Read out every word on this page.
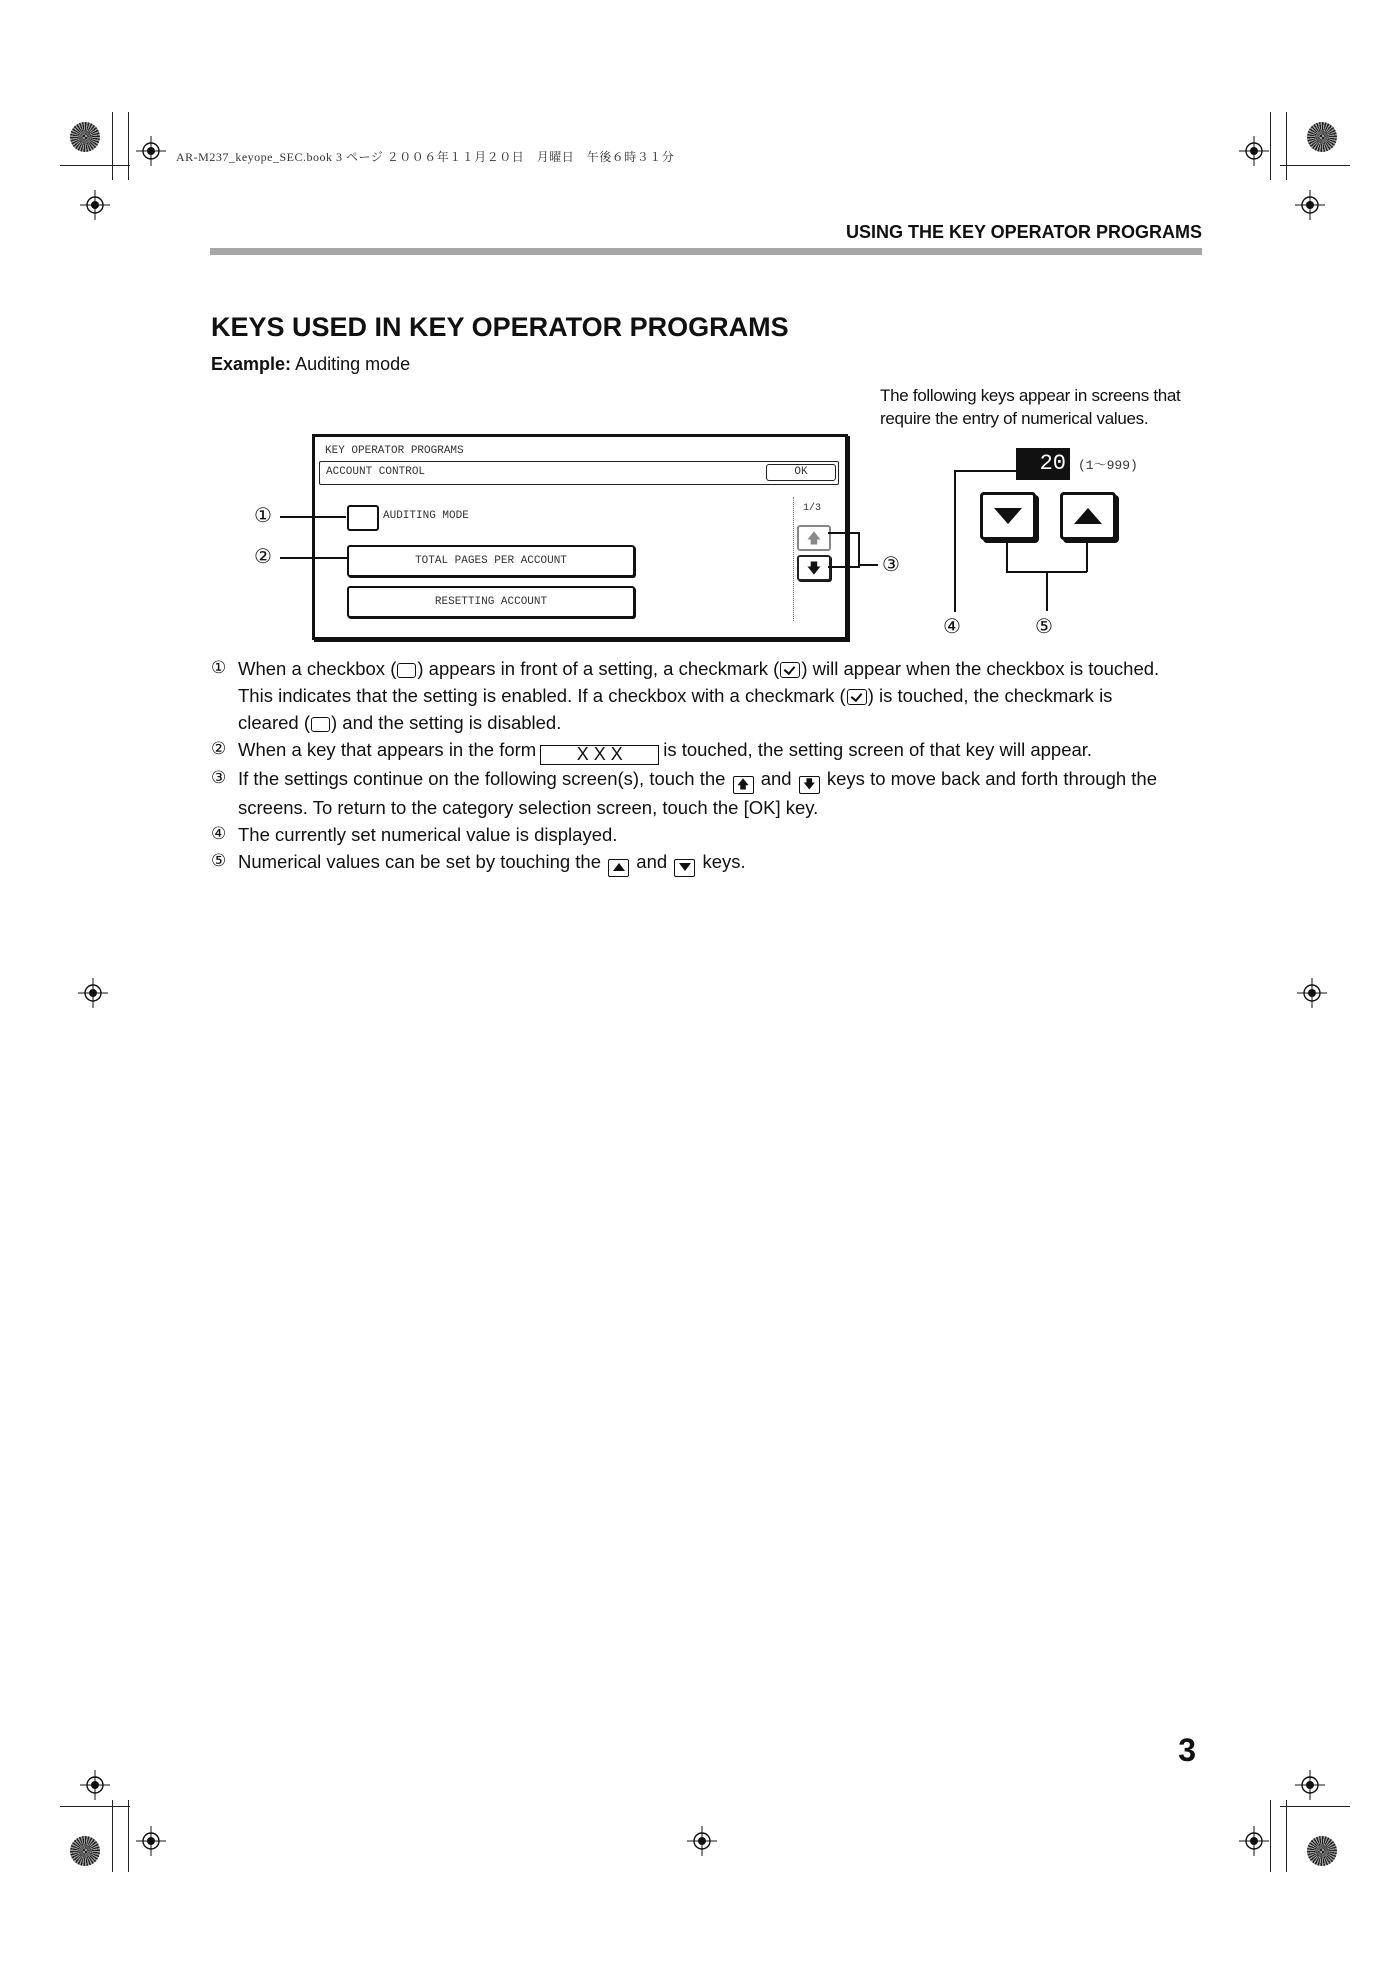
AR-M237_keyope_SEC.book 3 ページ ２００６年１１月２０日　月曜日　午後６時３１分
USING THE KEY OPERATOR PROGRAMS
KEYS USED IN KEY OPERATOR PROGRAMS
Example: Auditing mode
The following keys appear in screens that
require the entry of numerical values.
KEY OPERATOR PROGRAMS
ACCOUNT CONTROL	OK
AUDITING MODE
TOTAL PAGES PER ACCOUNT
RESETTING ACCOUNT
1/3
🡅
🡇
①
②	③
20 (1～999)
④	⑤
① When a checkbox ( ) appears in front of a setting, a checkmark ( ) will appear when the checkbox is touched.
This indicates that the setting is enabled. If a checkbox with a checkmark ( ) is touched, the checkmark is
cleared ( ) and the setting is disabled.
② When a key that appears in the form X X X is touched, the setting screen of that key will appear.
③ If the settings continue on the following screen(s), touch the 🡅 and 🡇 keys to move back and forth through the
screens. To return to the category selection screen, touch the [OK] key.
④ The currently set numerical value is displayed.
⑤ Numerical values can be set by touching the and keys.
3
